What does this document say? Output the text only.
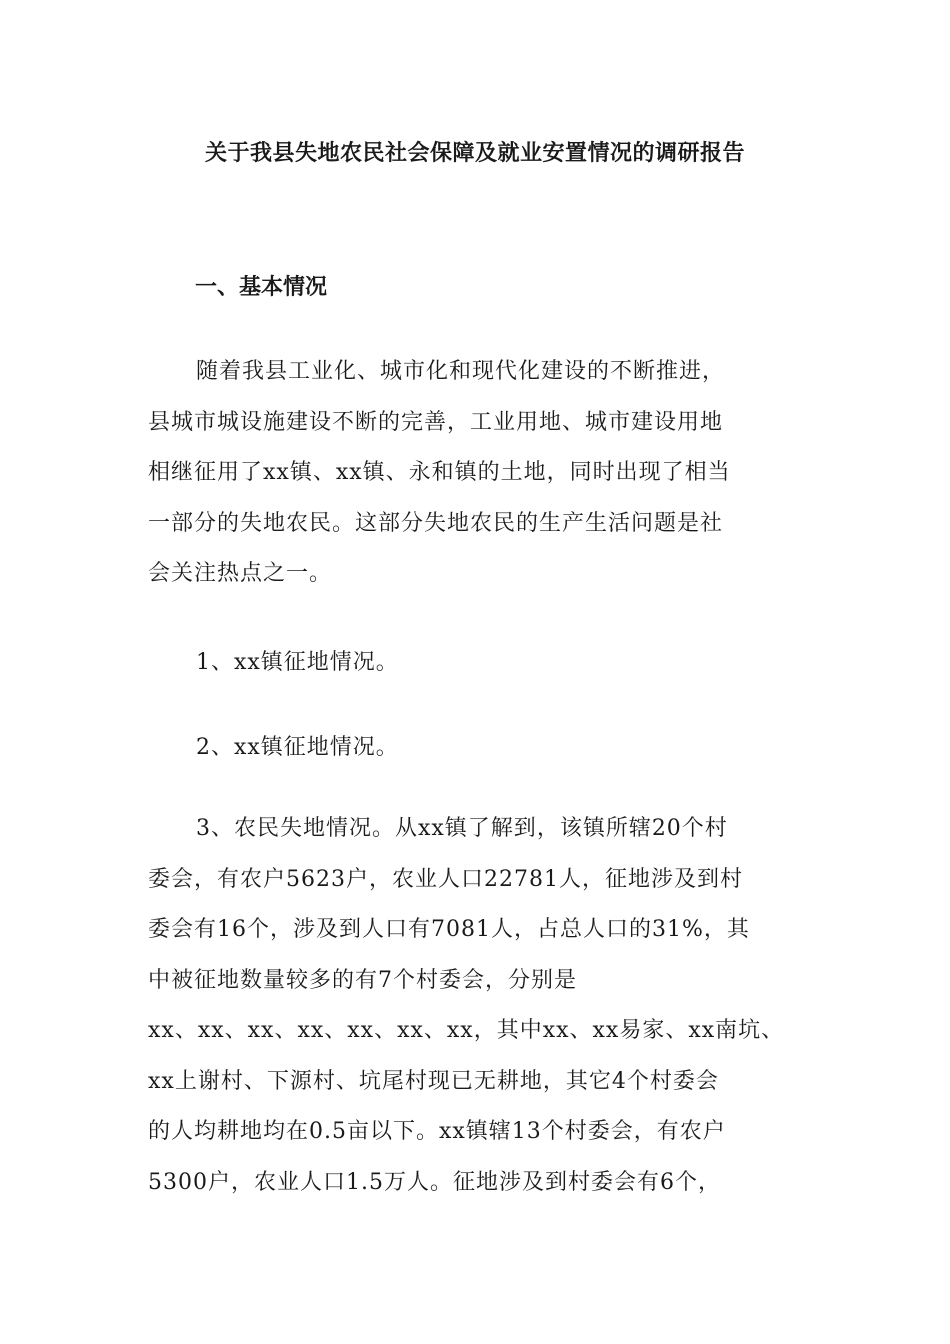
关于我县失地农民社会保障及就业安置情况的调研报告
一、基本情况
随着我县工业化、城市化和现代化建设的不断推进，
县城市城设施建设不断的完善，工业用地、城市建设用地
相继征用了xx镇、xx镇、永和镇的土地，同时出现了相当
一部分的失地农民。这部分失地农民的生产生活问题是社
会关注热点之一。
1、xx镇征地情况。
2、xx镇征地情况。
3、农民失地情况。从xx镇了解到，该镇所辖20个村
委会，有农户5623户，农业人口22781人，征地涉及到村
委会有16个，涉及到人口有7081人，占总人口的31%，其
中被征地数量较多的有7个村委会，分别是
xx、xx、xx、xx、xx、xx、xx，其中xx、xx易家、xx南坑、
xx上谢村、下源村、坑尾村现已无耕地，其它4个村委会
的人均耕地均在0.5亩以下。xx镇辖13个村委会，有农户
5300户，农业人口1.5万人。征地涉及到村委会有6个，
